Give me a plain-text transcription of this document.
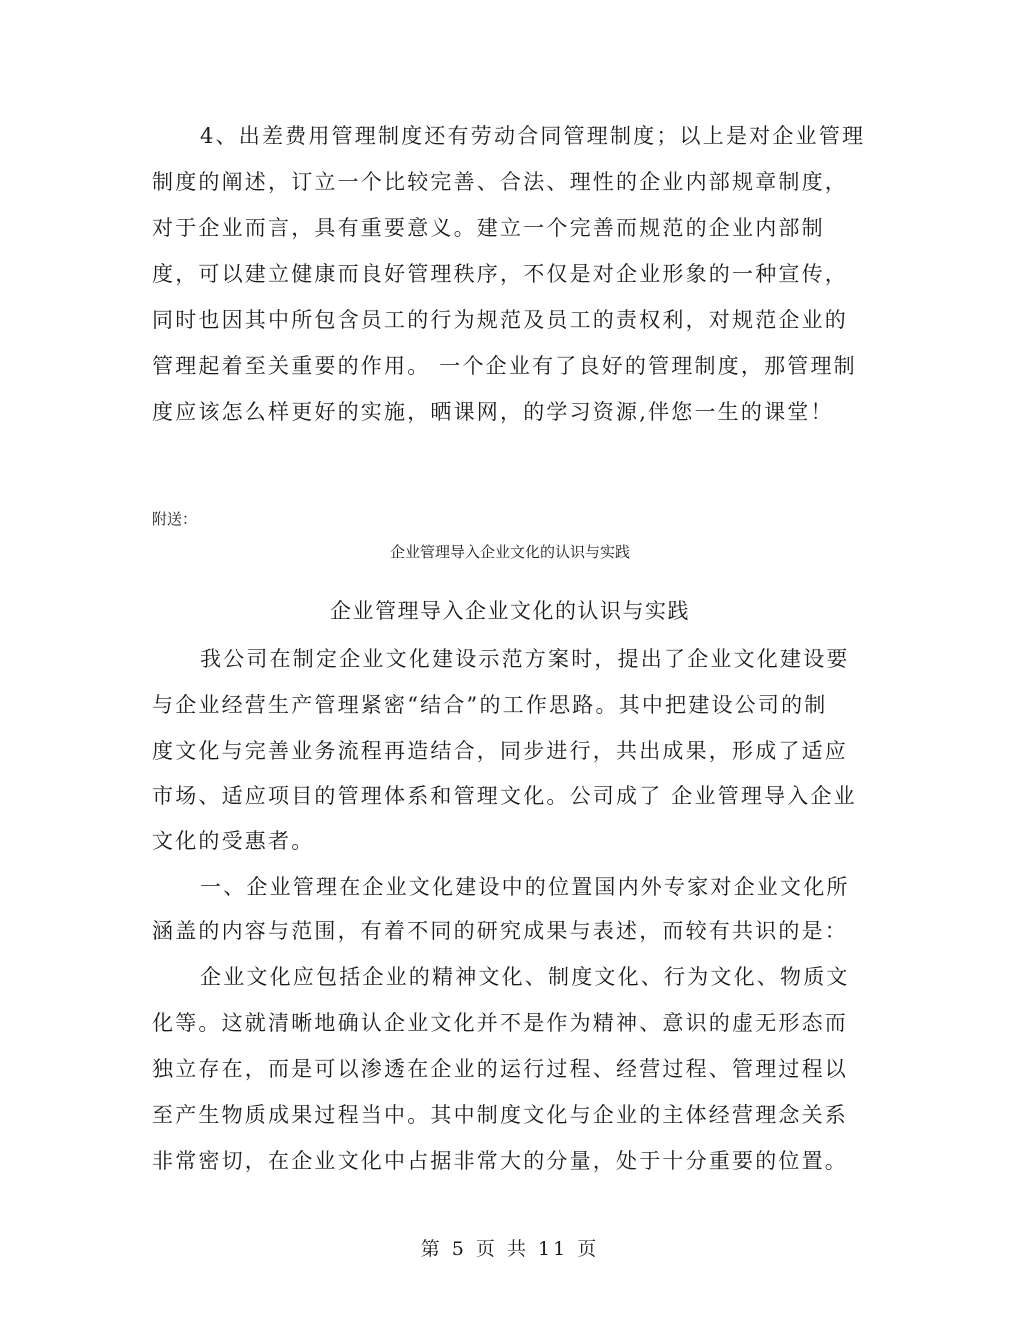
4、出差费用管理制度还有劳动合同管理制度；以上是对企业管理
制度的阐述，订立一个比较完善、合法、理性的企业内部规章制度，
对于企业而言，具有重要意义。建立一个完善而规范的企业内部制
度，可以建立健康而良好管理秩序，不仅是对企业形象的一种宣传，
同时也因其中所包含员工的行为规范及员工的责权利，对规范企业的
管理起着至关重要的作用。 一个企业有了良好的管理制度，那管理制
度应该怎么样更好的实施，晒课网，的学习资源,伴您一生的课堂！
附送：
企业管理导入企业文化的认识与实践
企业管理导入企业文化的认识与实践
我公司在制定企业文化建设示范方案时，提出了企业文化建设要
与企业经营生产管理紧密“结合”的工作思路。其中把建设公司的制
度文化与完善业务流程再造结合，同步进行，共出成果，形成了适应
市场、适应项目的管理体系和管理文化。公司成了 企业管理导入企业
文化的受惠者。
一、企业管理在企业文化建设中的位置国内外专家对企业文化所
涵盖的内容与范围，有着不同的研究成果与表述，而较有共识的是：
企业文化应包括企业的精神文化、制度文化、行为文化、物质文
化等。这就清晰地确认企业文化并不是作为精神、意识的虚无形态而
独立存在，而是可以渗透在企业的运行过程、经营过程、管理过程以
至产生物质成果过程当中。其中制度文化与企业的主体经营理念关系
非常密切，在企业文化中占据非常大的分量，处于十分重要的位置。
第 5 页 共 11 页
